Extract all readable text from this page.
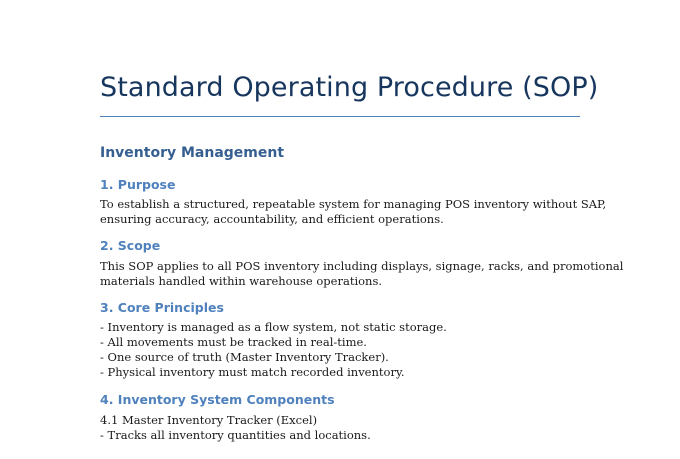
Standard Operating Procedure (SOP)
Inventory Management
1. Purpose
To establish a structured, repeatable system for managing POS inventory without SAP,
ensuring accuracy, accountability, and efficient operations.
2. Scope
This SOP applies to all POS inventory including displays, signage, racks, and promotional
materials handled within warehouse operations.
3. Core Principles
- Inventory is managed as a flow system, not static storage.
- All movements must be tracked in real-time.
- One source of truth (Master Inventory Tracker).
- Physical inventory must match recorded inventory.
4. Inventory System Components
4.1 Master Inventory Tracker (Excel)
- Tracks all inventory quantities and locations.
